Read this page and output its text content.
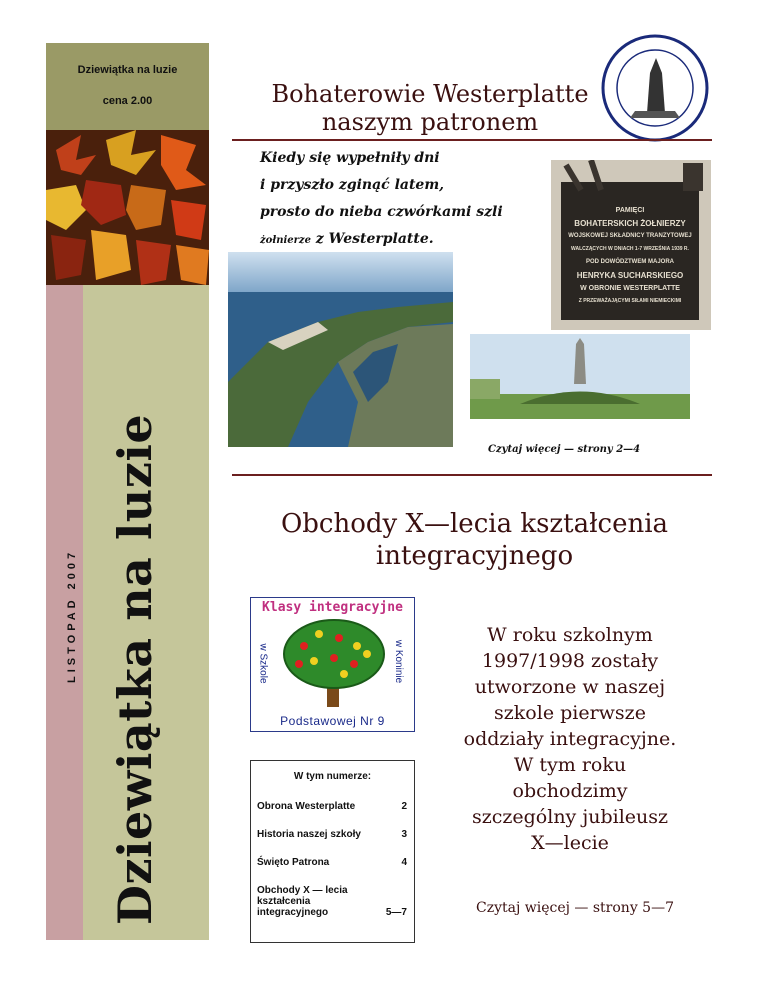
Dziewiątka na luzie
cena 2.00
Dziewiątka na luzie
LISTOPAD 2007
Bohaterowie Westerplatte
naszym patronem
Kiedy się wypełniły dni
i przyszło zginąć latem,
prosto do nieba czwórkami szli
żołnierze z Westerplatte.
PAMIĘCI
BOHATERSKICH ŻOŁNIERZY
WOJSKOWEJ SKŁADNICY TRANZYTOWEJ
WALCZĄCYCH W DNIACH 1-7 WRZEŚNIA 1939 R.
POD DOWÓDZTWEM MAJORA
HENRYKA SUCHARSKIEGO
W OBRONIE WESTERPLATTE
Z PRZEWAŻAJĄCYMI SIŁAMI NIEMIECKIMI
Czytaj więcej — strony 2—4
Obchody X—lecia kształcenia
integracyjnego
Klasy integracyjne
w Szkole	w Koninie
Podstawowej Nr 9
W tym numerze:
Obrona Westerplatte	2
Historia naszej szkoły	3
Święto Patrona	4
Obchody X — lecia kształcenia integracyjnego	5—7
W roku szkolnym
1997/1998 zostały
utworzone w naszej
szkole pierwsze
oddziały integracyjne.
W tym roku
obchodzimy
szczególny jubileusz
X—lecie
Czytaj więcej — strony 5—7
